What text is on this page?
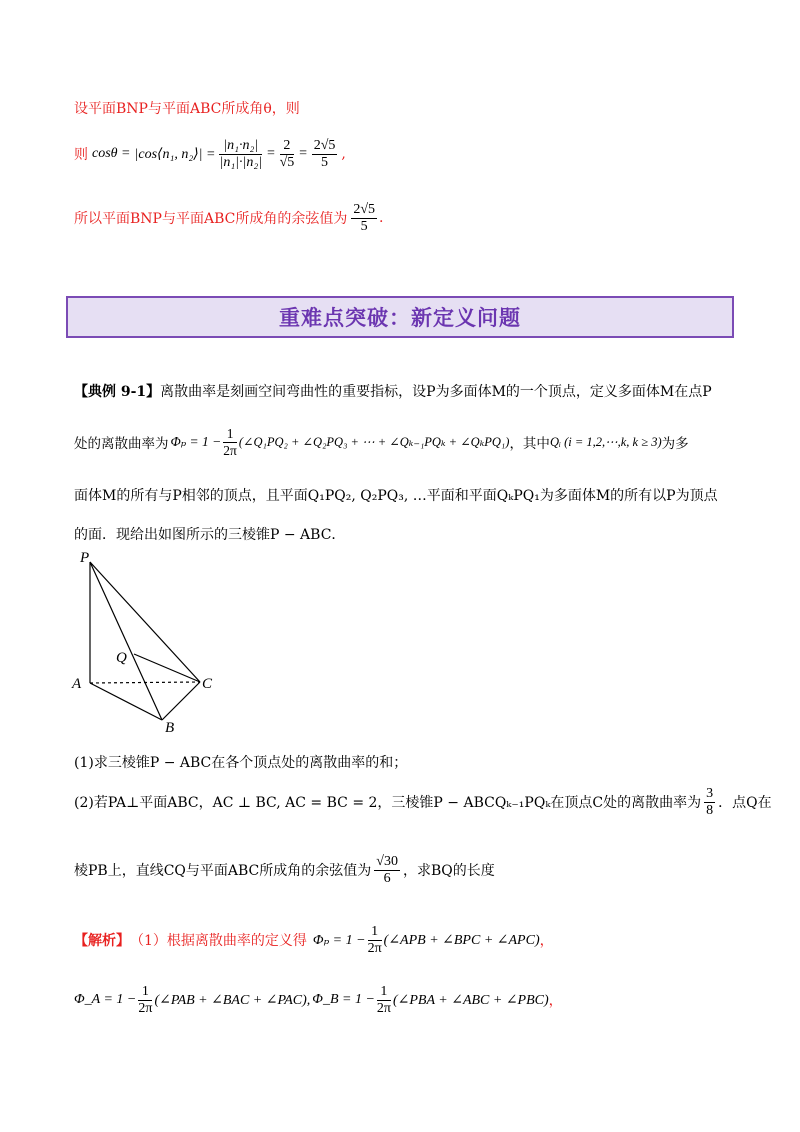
设平面BNP与平面ABC所成角θ，则
则 cosθ = |cos⟨n₁, n₂⟩| = $\frac{\text{|n₁·n₂|}}{\text{|n₁|·|n₂|}} = \frac{2}{√5} = \frac{2√5}{5}$ ,
所以平面BNP与平面ABC所成角的余弦值为 $\frac{2√5}{5}$ .
重难点突破：新定义问题
【典例 9-1】离散曲率是刻画空间弯曲性的重要指标，设P为多面体M的一个顶点，定义多面体M在点P
处的离散曲率为 $\Phi_p = 1 - \frac{1}{2\pi}$ (∠Q₁PQ₂ + ∠Q₂PQ₃ + ⋯ + ∠Qₖ₋₁PQₖ + ∠QₖPQ₁) ，其中 Qᵢ (i = 1,2,⋯,k, k ≥ 3) 为多
面体M的所有与P相邻的顶点，且平面Q₁PQ₂, Q₂PQ₃, …平面和平面QₖPQ₁为多面体M的所有以P为顶点
的面．现给出如图所示的三棱锥P − ABC．
P
Q
A	C
B
(1)求三棱锥P − ABC在各个顶点处的离散曲率的和；
(2)若PA⊥平面ABC，AC ⊥ BC, AC = BC = 2，三棱锥P − ABCQₖ₋₁PQₖ在顶点C处的离散曲率为 $\frac{3}{8}$ ．点Q在
棱PB上，直线CQ与平面ABC所成角的余弦值为 $\frac{√30}{6}$ ，求BQ的长度
【解析】 （1）根据离散曲率的定义得 $\Phi_p = 1 - \frac{1}{2\pi}$ (∠APB + ∠BPC + ∠APC) ，
Φ_A = $1 - \frac{1}{2\pi}$ (∠PAB + ∠BAC + ∠PAC), Φ_B = $1 - \frac{1}{2\pi}$ (∠PBA + ∠ABC + ∠PBC) ，
